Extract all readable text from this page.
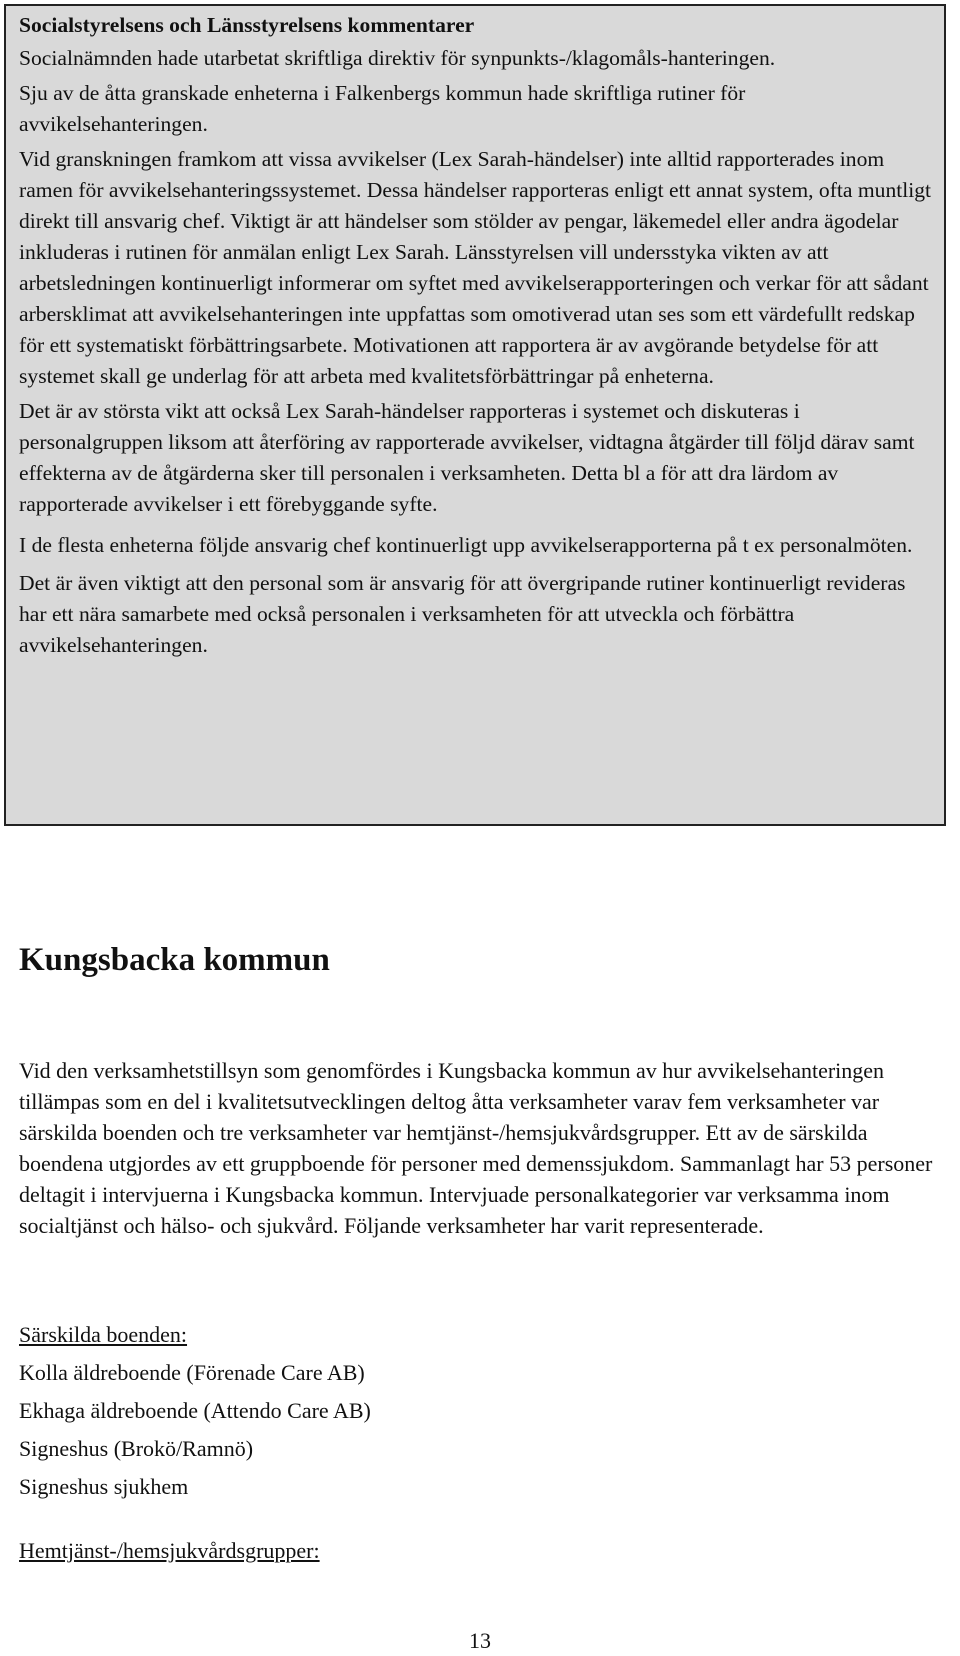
Socialstyrelsens och Länsstyrelsens kommentarer

Socialnämnden hade utarbetat skriftliga direktiv för synpunkts-/klagomåls-hanteringen.

Sju av de åtta granskade enheterna i Falkenbergs kommun hade skriftliga rutiner för avvikelsehanteringen.

Vid granskningen framkom att vissa avvikelser (Lex Sarah-händelser) inte alltid rapporterades inom ramen för avvikelsehanteringssystemet. Dessa händelser rapporteras enligt ett annat system, ofta muntligt direkt till ansvarig chef. Viktigt är att händelser som stölder av pengar, läkemedel eller andra ägodelar inkluderas i rutinen för anmälan enligt Lex Sarah. Länsstyrelsen vill undersstyka vikten av att arbetsledningen kontinuerligt informerar om syftet med avvikelserapporteringen och verkar för att sådant arbersklimat att avvikelsehanteringen inte uppfattas som omotiverad utan ses som ett värdefullt redskap för ett systematiskt förbättringsarbete. Motivationen att rapportera är av avgörande betydelse för att systemet skall ge underlag för att arbeta med kvalitetsförbättringar på enheterna.

Det är av största vikt att också Lex Sarah-händelser rapporteras i systemet och diskuteras i personalgruppen liksom att återföring av rapporterade avvikelser, vidtagna åtgärder till följd därav samt effekterna av de åtgärderna sker till personalen i verksamheten. Detta bl a för att dra lärdom av rapporterade avvikelser i ett förebyggande syfte.

I de flesta enheterna följde ansvarig chef kontinuerligt upp avvikelserapporterna på t ex personalmöten.

Det är även viktigt att den personal som är ansvarig för att övergripande rutiner kontinuerligt revideras har ett nära samarbete med också personalen i verksamheten för att utveckla och förbättra avvikelsehanteringen.

Kungsbacka kommun

Vid den verksamhetstillsyn som genomfördes i Kungsbacka kommun av hur avvikelsehanteringen tillämpas som en del i kvalitetsutvecklingen deltog åtta verksamheter varav fem verksamheter var särskilda boenden och tre verksamheter var hemtjänst-/hemsjukvårdsgrupper. Ett av de särskilda boendena utgjordes av ett gruppboende för personer med demenssjukdom. Sammanlagt har 53 personer deltagit i intervjuerna i Kungsbacka kommun. Intervjuade personalkategorier var verksamma inom socialtjänst och hälso- och sjukvård. Följande verksamheter har varit representerade.

Särskilda boenden:
Kolla äldreboende (Förenade Care AB)
Ekhaga äldreboende (Attendo Care AB)
Signeshus (Brokö/Ramnö)
Signeshus sjukhem
Hemtjänst-/hemsjukvårdsgrupper:
13
